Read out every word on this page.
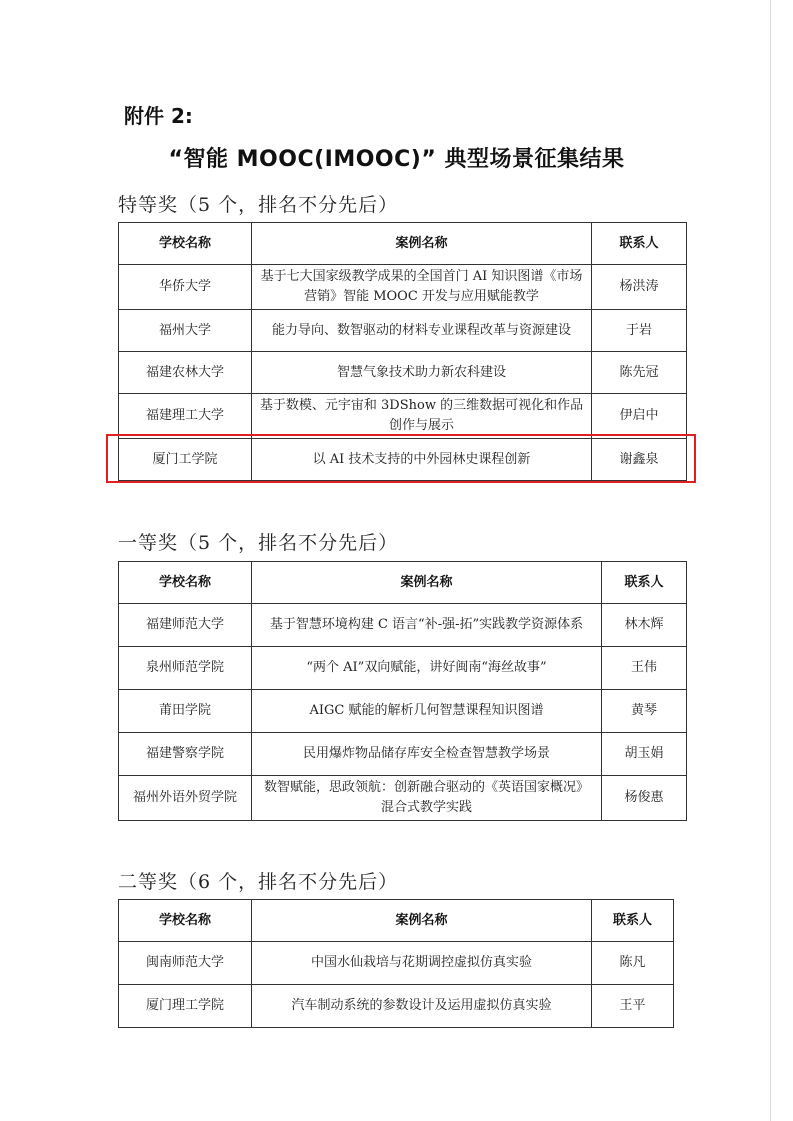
附件 2:
“智能 MOOC(IMOOC)” 典型场景征集结果
特等奖（5 个，排名不分先后）
学校名称	案例名称	联系人
华侨大学	基于七大国家级教学成果的全国首门 AI 知识图谱《市场营销》智能 MOOC 开发与应用赋能教学	杨洪涛
福州大学	能力导向、数智驱动的材料专业课程改革与资源建设	于岩
福建农林大学	智慧气象技术助力新农科建设	陈先冠
福建理工大学	基于数模、元宇宙和 3DShow 的三维数据可视化和作品创作与展示	伊启中
厦门工学院	以 AI 技术支持的中外园林史课程创新	谢鑫泉
一等奖（5 个，排名不分先后）
学校名称	案例名称	联系人
福建师范大学	基于智慧环境构建 C 语言“补-强-拓”实践教学资源体系	林木辉
泉州师范学院	“两个 AI”双向赋能，讲好闽南“海丝故事”	王伟
莆田学院	AIGC 赋能的解析几何智慧课程知识图谱	黄琴
福建警察学院	民用爆炸物品储存库安全检查智慧教学场景	胡玉娟
福州外语外贸学院	数智赋能，思政领航：创新融合驱动的《英语国家概况》混合式教学实践	杨俊惠
二等奖（6 个，排名不分先后）
学校名称	案例名称	联系人
闽南师范大学	中国水仙栽培与花期调控虚拟仿真实验	陈凡
厦门理工学院	汽车制动系统的参数设计及运用虚拟仿真实验	王平
